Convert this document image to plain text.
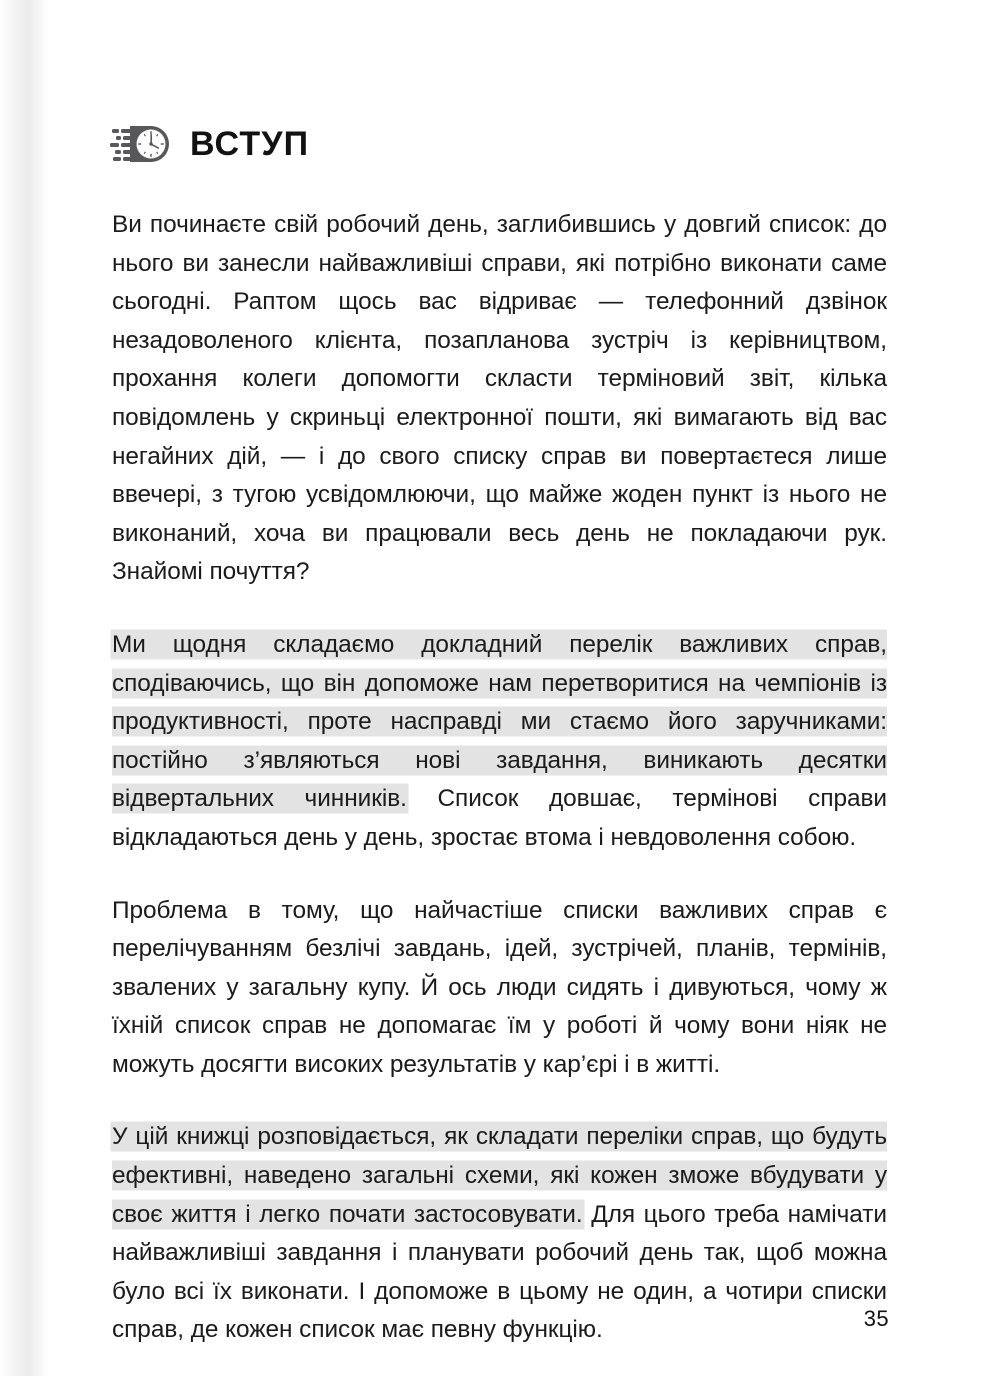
ВСТУП

Ви починаєте свій робочий день, заглибившись у довгий список: до нього ви занесли найважливіші справи, які потрібно виконати саме сьогодні. Раптом щось вас відриває — телефонний дзвінок незадоволеного клієнта, позапланова зустріч із керівництвом, прохання колеги допомогти скласти терміновий звіт, кілька повідомлень у скриньці електронної пошти, які вимагають від вас негайних дій, — і до свого списку справ ви повертаєтеся лише ввечері, з тугою усвідомлюючи, що майже жоден пункт із нього не виконаний, хоча ви працювали весь день не покладаючи рук. Знайомі почуття?

Ми щодня складаємо докладний перелік важливих справ, сподіваючись, що він допоможе нам перетворитися на чемпіонів із продуктивності, проте насправді ми стаємо його заручниками: постійно з’являються нові завдання, виникають десятки відвертальних чинників. Список довшає, термінові справи відкладаються день у день, зростає втома і невдоволення собою.

Проблема в тому, що найчастіше списки важливих справ є перелічуванням безлічі завдань, ідей, зустрічей, планів, термінів, звалених у загальну купу. Й ось люди сидять і дивуються, чому ж їхній список справ не допомагає їм у роботі й чому вони ніяк не можуть досягти високих результатів у кар’єрі і в житті.

У цій книжці розповідається, як складати переліки справ, що будуть ефективні, наведено загальні схеми, які кожен зможе вбудувати у своє життя і легко почати застосовувати. Для цього треба намічати найважливіші завдання і планувати робочий день так, щоб можна було всі їх виконати. І допоможе в цьому не один, а чотири списки справ, де кожен список має певну функцію.	35
